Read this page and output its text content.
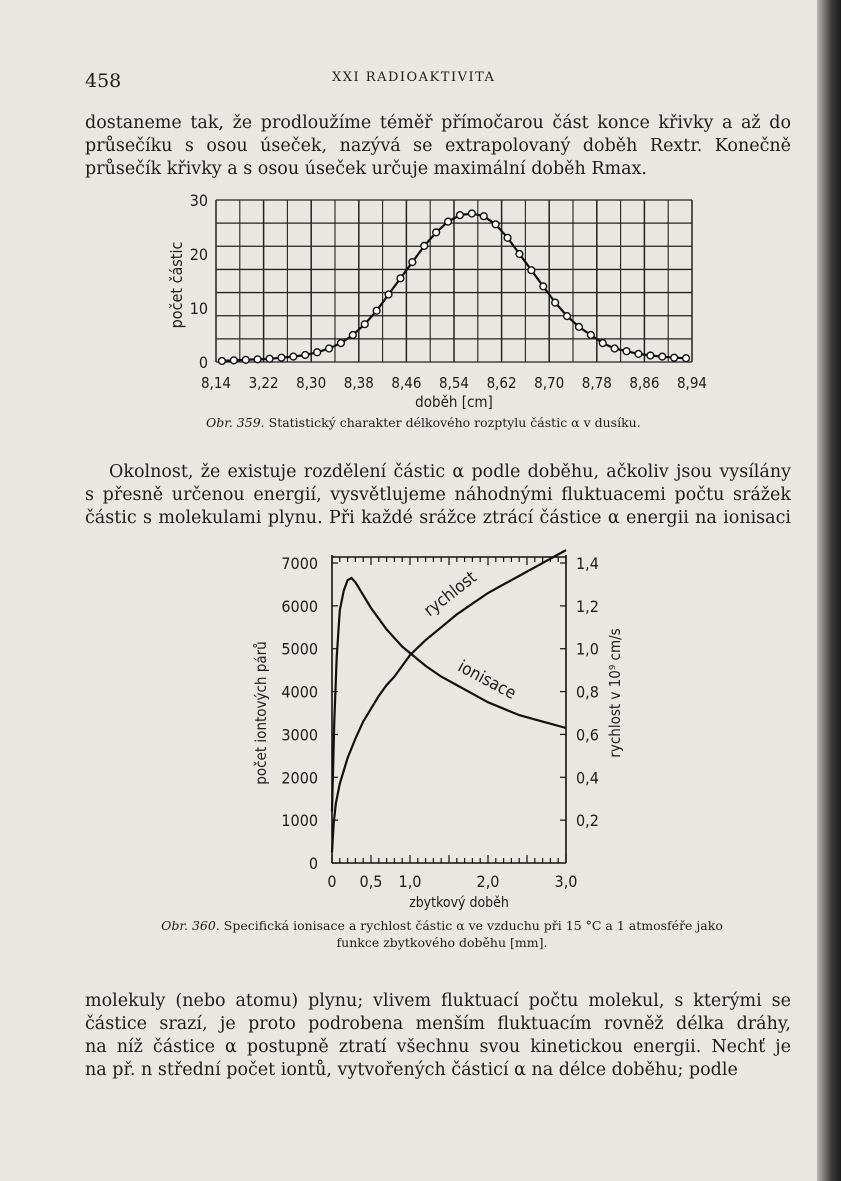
458	XXI RADIOAKTIVITA
dostaneme tak, že prodloužíme téměř přímočarou část konce křivky a až do
průsečíku s osou úseček, nazývá se extrapolovaný doběh Rextr. Konečně
průsečík křivky a s osou úseček určuje maximální doběh Rmax.
0
10
20
30
8,14 3,22 8,30 8,38 8,46 8,54 8,62 8,70 8,78 8,86 8,94
doběh [cm]
počet částic
Obr. 359. Statistický charakter délkového rozptylu částic α v dusíku.
Okolnost, že existuje rozdělení částic α podle doběhu, ačkoliv jsou vysílány
s přesně určenou energií, vysvětlujeme náhodnými fluktuacemi počtu srážek
částic s molekulami plynu. Při každé srážce ztrácí částice α energii na ionisaci
0
1000
2000
3000
4000
5000
6000
7000
0,2
0,4
0,6
0,8
1,0
1,2
1,4
0 0,5 1,0	2,0	3,0
zbytkový doběh
počet iontových párů	rychlost v 10⁹ cm/s
rychlost
ionisace
Obr. 360. Specifická ionisace a rychlost částic α ve vzduchu při 15 °C a 1 atmosféře jako
funkce zbytkového doběhu [mm].
molekuly (nebo atomu) plynu; vlivem fluktuací počtu molekul, s kterými se
částice srazí, je proto podrobena menším fluktuacím rovněž délka dráhy,
na níž částice α postupně ztratí všechnu svou kinetickou energii. Nechť je
na př. n střední počet iontů, vytvořených částicí α na délce doběhu; podle
